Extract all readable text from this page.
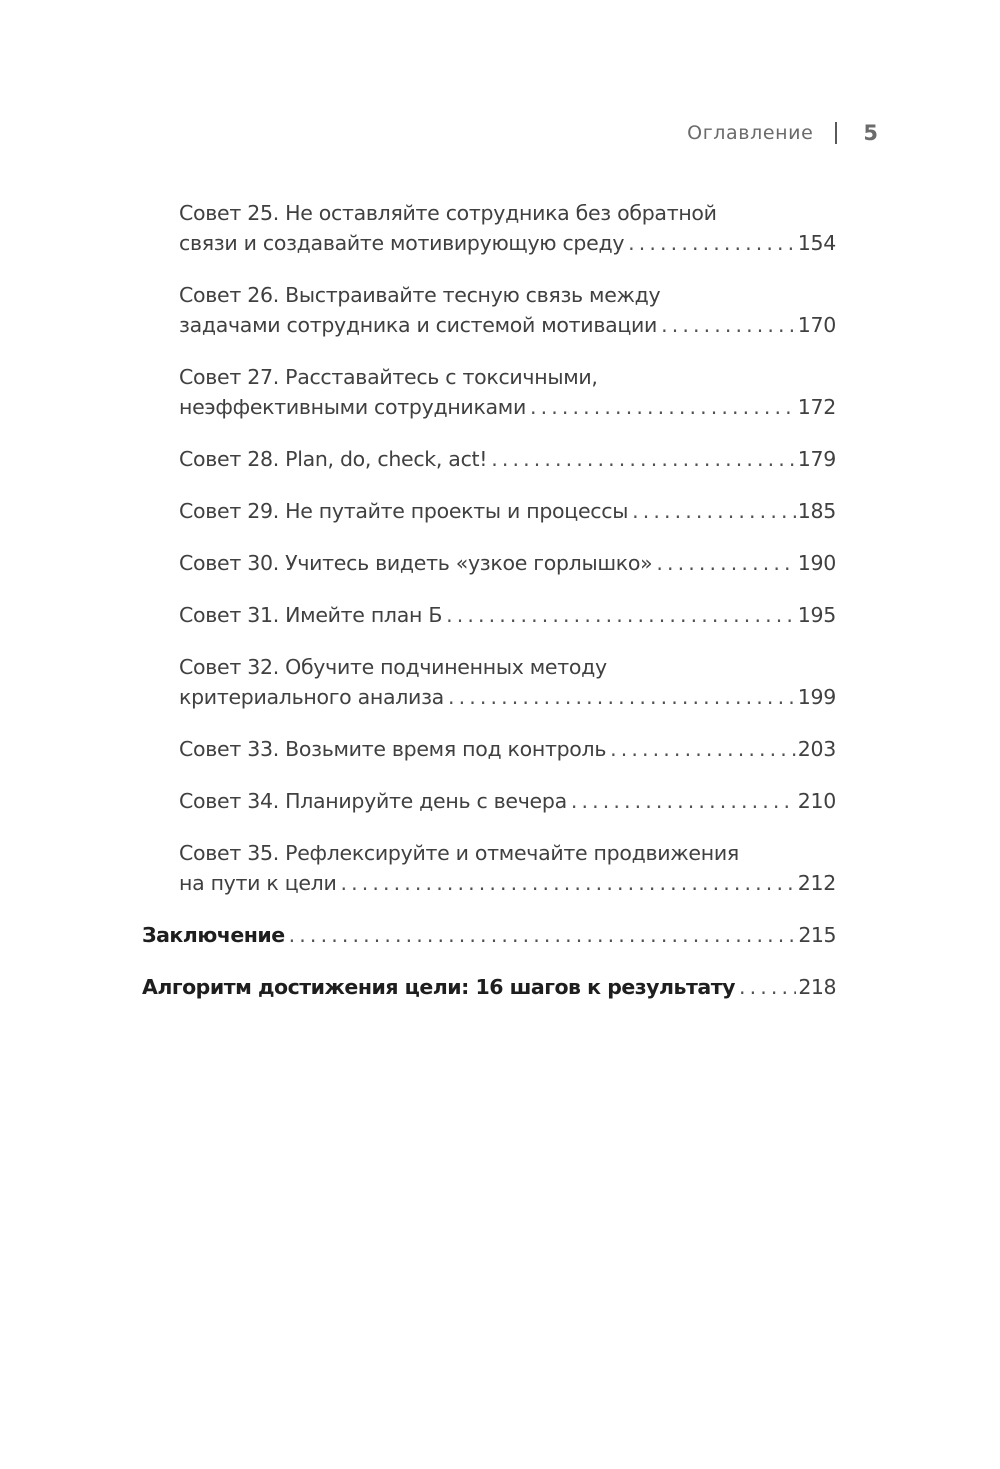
Оглавление 5
Совет 25. Не оставляйте сотрудника без обратной
связи и создавайте мотивирующую среду . . .	154
Совет 26. Выстраивайте тесную связь между
задачами сотрудника и системой мотивации . . .	170
Совет 27. Расставайтесь с токсичными,
неэффективными сотрудниками . . .	172
Совет 28. Plan, do, check, act! . . .	179
Совет 29. Не путайте проекты и процессы . . .	185
Совет 30. Учитесь видеть «узкое горлышко» . . .	190
Совет 31. Имейте план Б . . .	195
Совет 32. Обучите подчиненных методу
критериального анализа . . .	199
Совет 33. Возьмите время под контроль . . .	203
Совет 34. Планируйте день с вечера . . .	210
Совет 35. Рефлексируйте и отмечайте продвижения
на пути к цели . . .	212
Заключение . . .	215
Алгоритм достижения цели: 16 шагов к результату . . .	218
